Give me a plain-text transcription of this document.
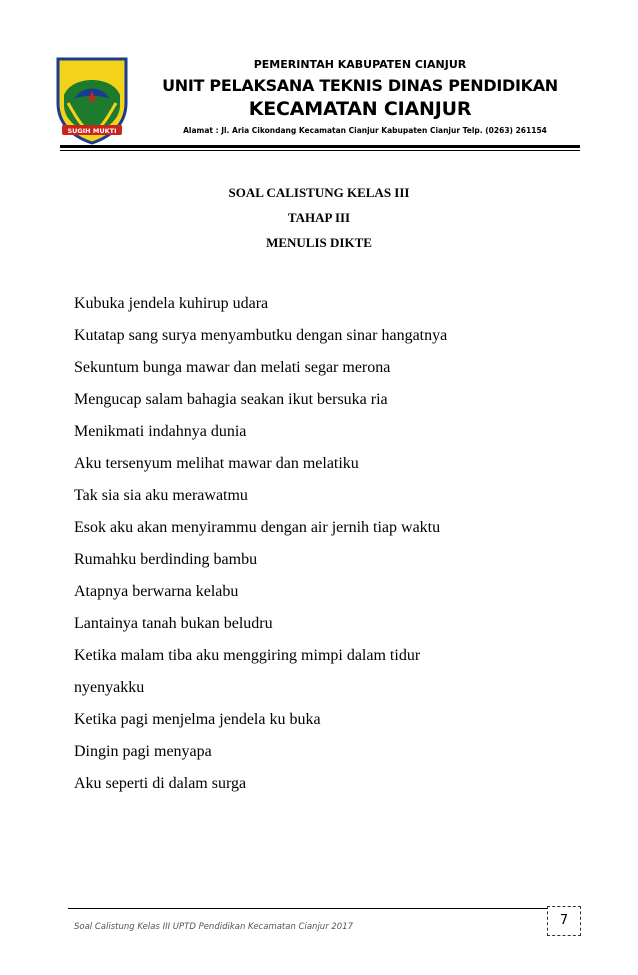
SUGIH MUKTI
PEMERINTAH KABUPATEN CIANJUR
UNIT PELAKSANA TEKNIS DINAS PENDIDIKAN
KECAMATAN CIANJUR
Alamat : Jl. Aria Cikondang Kecamatan Cianjur Kabupaten Cianjur Telp. (0263) 261154
SOAL CALISTUNG KELAS III
TAHAP III
MENULIS DIKTE
Kubuka jendela kuhirup udara
Kutatap sang surya menyambutku dengan sinar hangatnya
Sekuntum bunga mawar dan melati segar merona
Mengucap salam bahagia seakan ikut bersuka ria
Menikmati indahnya dunia
Aku tersenyum melihat mawar dan melatiku
Tak sia sia aku merawatmu
Esok aku akan menyirammu dengan air jernih tiap waktu
Rumahku berdinding bambu
Atapnya berwarna kelabu
Lantainya tanah bukan beludru
Ketika malam tiba aku menggiring mimpi dalam tidur
nyenyakku
Ketika pagi menjelma jendela ku buka
Dingin pagi menyapa
Aku seperti di dalam surga
Soal Calistung Kelas III UPTD Pendidikan Kecamatan Cianjur 2017	7
